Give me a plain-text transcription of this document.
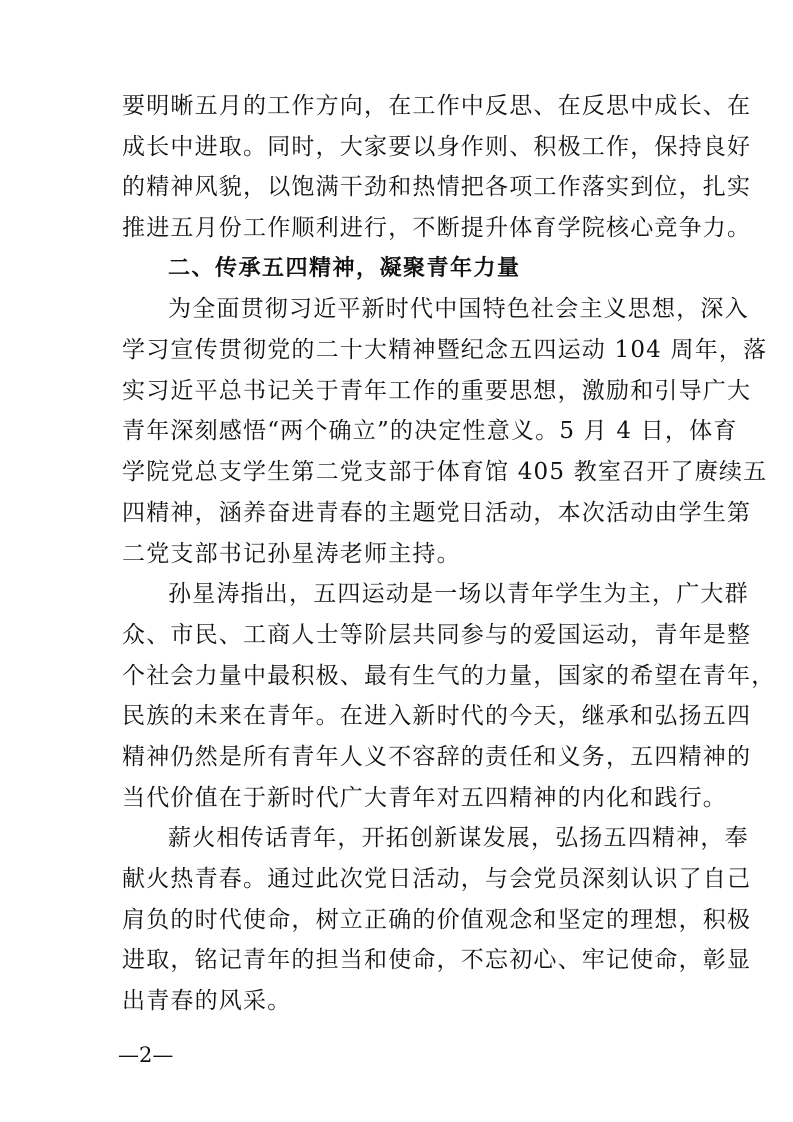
要明晰五月的工作方向，在工作中反思、在反思中成长、在
成长中进取。同时，大家要以身作则、积极工作，保持良好
的精神风貌，以饱满干劲和热情把各项工作落实到位，扎实
推进五月份工作顺利进行，不断提升体育学院核心竞争力。
二、传承五四精神，凝聚青年力量
为全面贯彻习近平新时代中国特色社会主义思想，深入
学习宣传贯彻党的二十大精神暨纪念五四运动 104 周年，落
实习近平总书记关于青年工作的重要思想，激励和引导广大
青年深刻感悟“两个确立”的决定性意义。5 月 4 日，体育
学院党总支学生第二党支部于体育馆 405 教室召开了赓续五
四精神，涵养奋进青春的主题党日活动，本次活动由学生第
二党支部书记孙星涛老师主持。
孙星涛指出，五四运动是一场以青年学生为主，广大群
众、市民、工商人士等阶层共同参与的爱国运动，青年是整
个社会力量中最积极、最有生气的力量，国家的希望在青年，
民族的未来在青年。在进入新时代的今天，继承和弘扬五四
精神仍然是所有青年人义不容辞的责任和义务，五四精神的
当代价值在于新时代广大青年对五四精神的内化和践行。
薪火相传话青年，开拓创新谋发展，弘扬五四精神，奉
献火热青春。通过此次党日活动，与会党员深刻认识了自己
肩负的时代使命，树立正确的价值观念和坚定的理想，积极
进取，铭记青年的担当和使命，不忘初心、牢记使命，彰显
出青春的风采。
—2—
